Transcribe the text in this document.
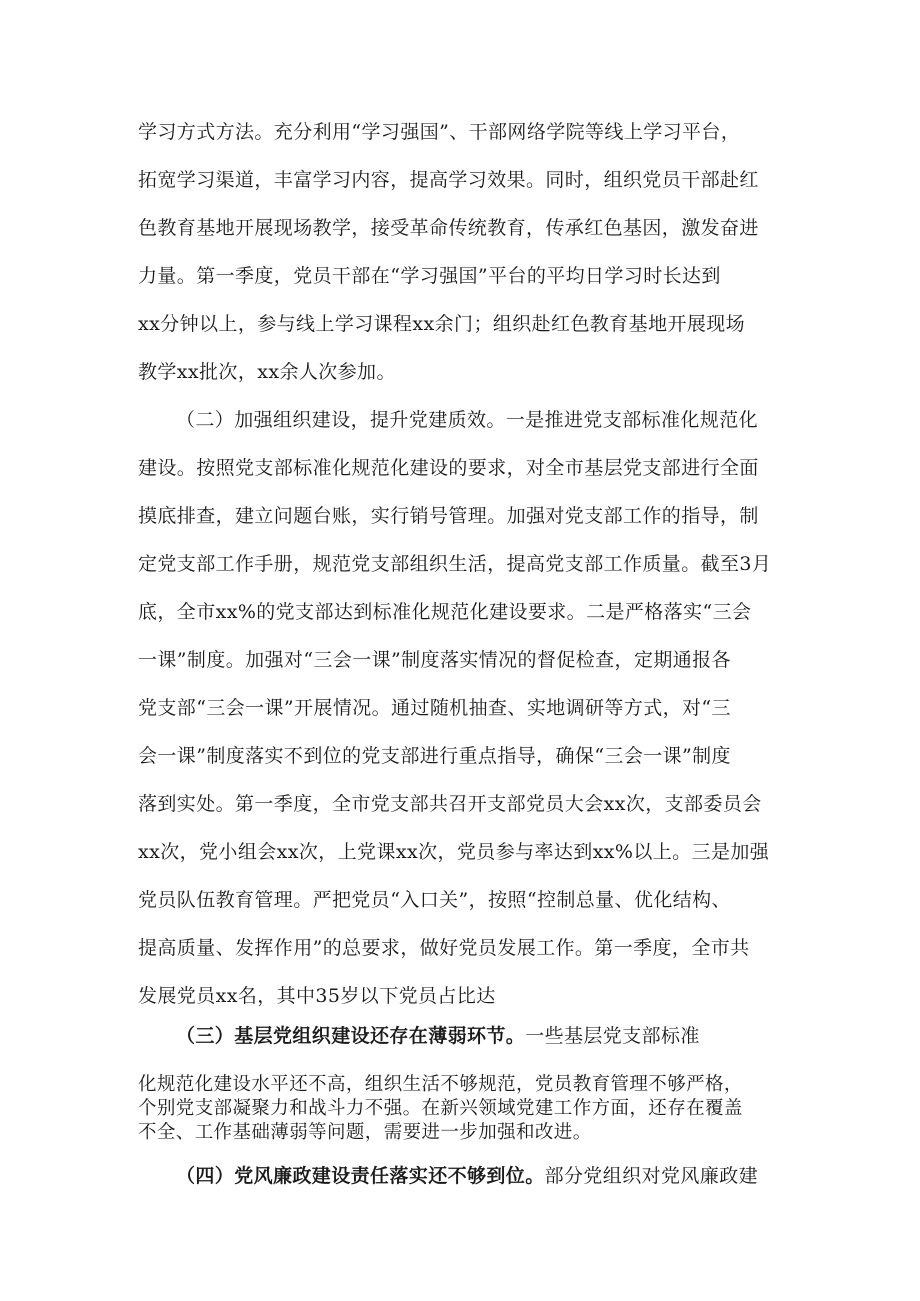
学习方式方法。充分利用“学习强国”、干部网络学院等线上学习平台，
拓宽学习渠道，丰富学习内容，提高学习效果。同时，组织党员干部赴红
色教育基地开展现场教学，接受革命传统教育，传承红色基因，激发奋进
力量。第一季度，党员干部在“学习强国”平台的平均日学习时长达到
xx分钟以上，参与线上学习课程xx余门；组织赴红色教育基地开展现场
教学xx批次，xx余人次参加。
（二）加强组织建设，提升党建质效。一是推进党支部标准化规范化
建设。按照党支部标准化规范化建设的要求，对全市基层党支部进行全面
摸底排查，建立问题台账，实行销号管理。加强对党支部工作的指导，制
定党支部工作手册，规范党支部组织生活，提高党支部工作质量。截至3月
底，全市xx%的党支部达到标准化规范化建设要求。二是严格落实“三会
一课”制度。加强对“三会一课”制度落实情况的督促检查，定期通报各
党支部“三会一课”开展情况。通过随机抽查、实地调研等方式，对“三
会一课”制度落实不到位的党支部进行重点指导，确保“三会一课”制度
落到实处。第一季度，全市党支部共召开支部党员大会xx次，支部委员会
xx次，党小组会xx次，上党课xx次，党员参与率达到xx%以上。三是加强
党员队伍教育管理。严把党员“入口关”，按照“控制总量、优化结构、
提高质量、发挥作用”的总要求，做好党员发展工作。第一季度，全市共
发展党员xx名，其中35岁以下党员占比达
（三）基层党组织建设还存在薄弱环节。一些基层党支部标准
化规范化建设水平还不高，组织生活不够规范，党员教育管理不够严格，
个别党支部凝聚力和战斗力不强。在新兴领域党建工作方面，还存在覆盖
不全、工作基础薄弱等问题，需要进一步加强和改进。
（四）党风廉政建设责任落实还不够到位。部分党组织对党风廉政建
